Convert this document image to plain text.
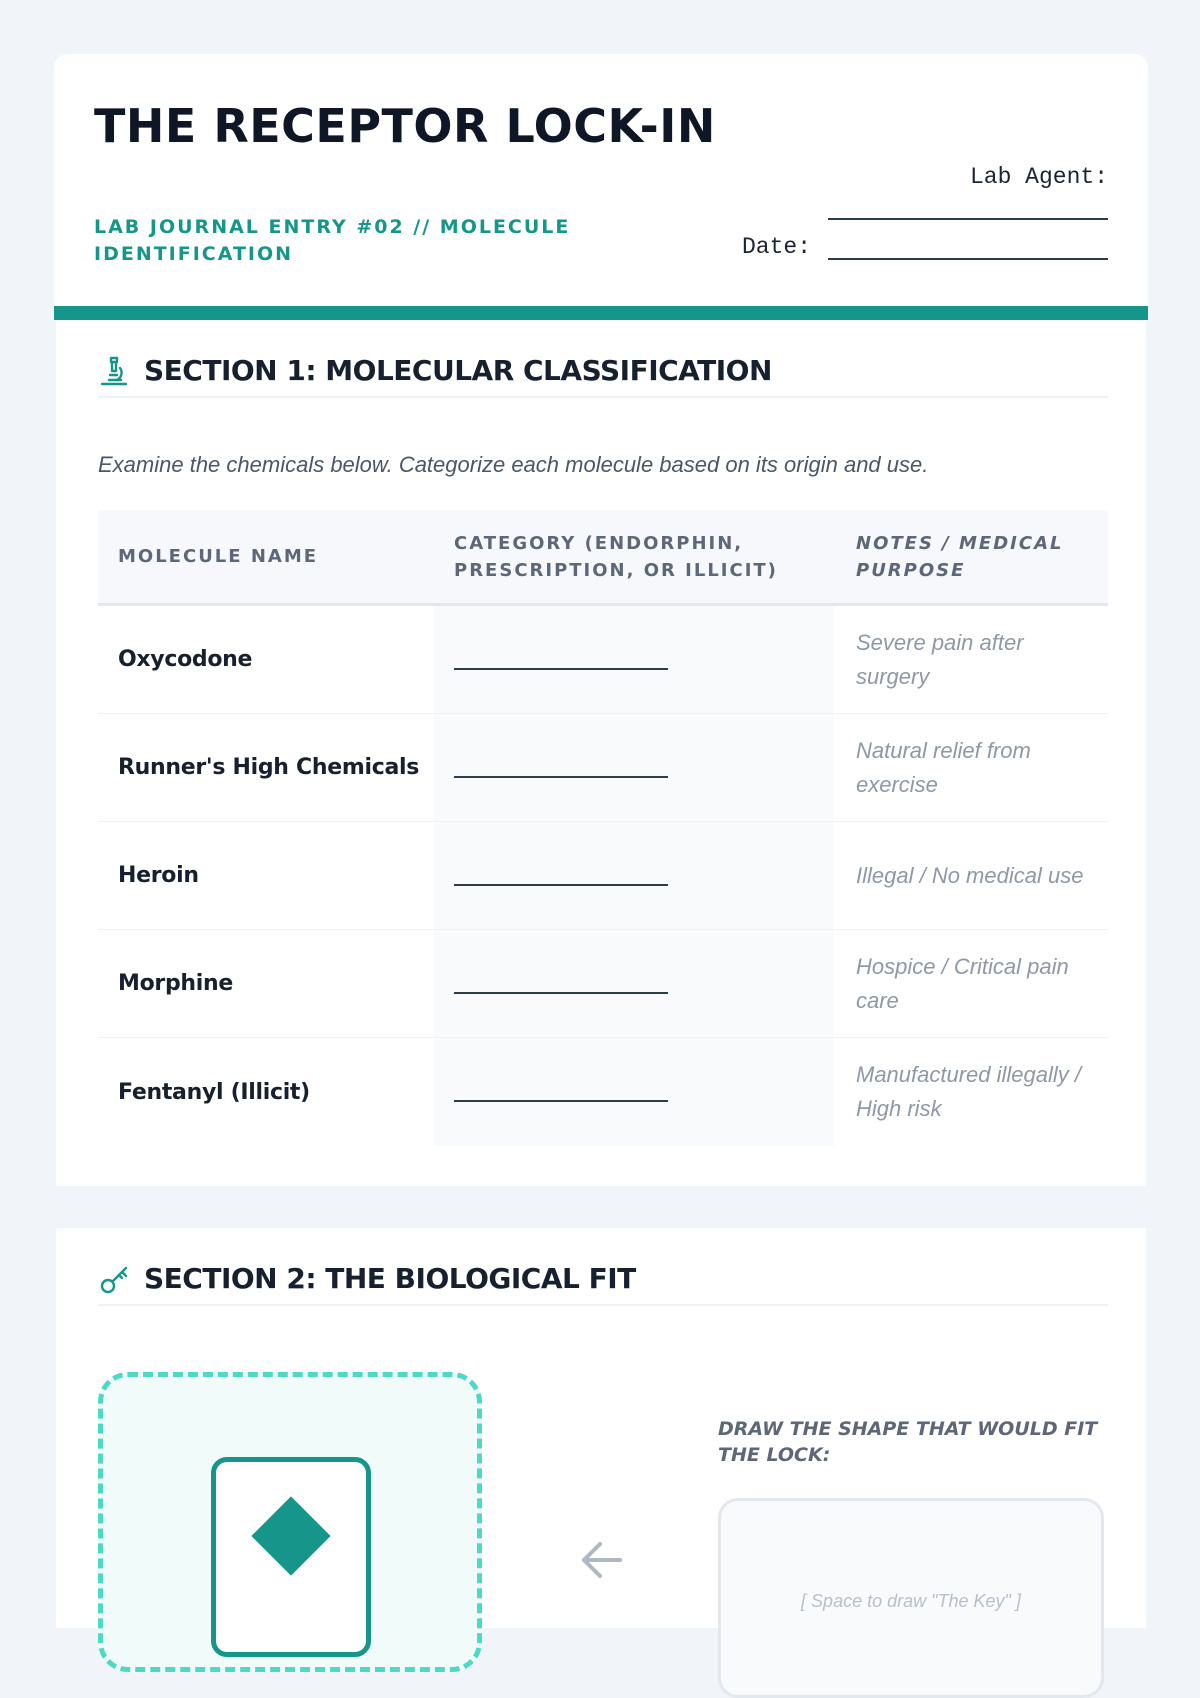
THE RECEPTOR LOCK-IN
LAB JOURNAL ENTRY #02 // MOLECULE IDENTIFICATION
Lab Agent:
Date:
SECTION 1: MOLECULAR CLASSIFICATION
Examine the chemicals below. Categorize each molecule based on its origin and use.
MOLECULE NAME
CATEGORY (ENDORPHIN, PRESCRIPTION, OR ILLICIT)
NOTES / MEDICAL PURPOSE
Oxycodone
Severe pain after surgery
Runner's High Chemicals
Natural relief from exercise
Heroin	Illegal / No medical use
Morphine
Hospice / Critical pain care
Fentanyl (Illicit)
Manufactured illegally / High risk
SECTION 2: THE BIOLOGICAL FIT
DRAW THE SHAPE THAT WOULD FIT THE LOCK:
[ Space to draw "The Key" ]
